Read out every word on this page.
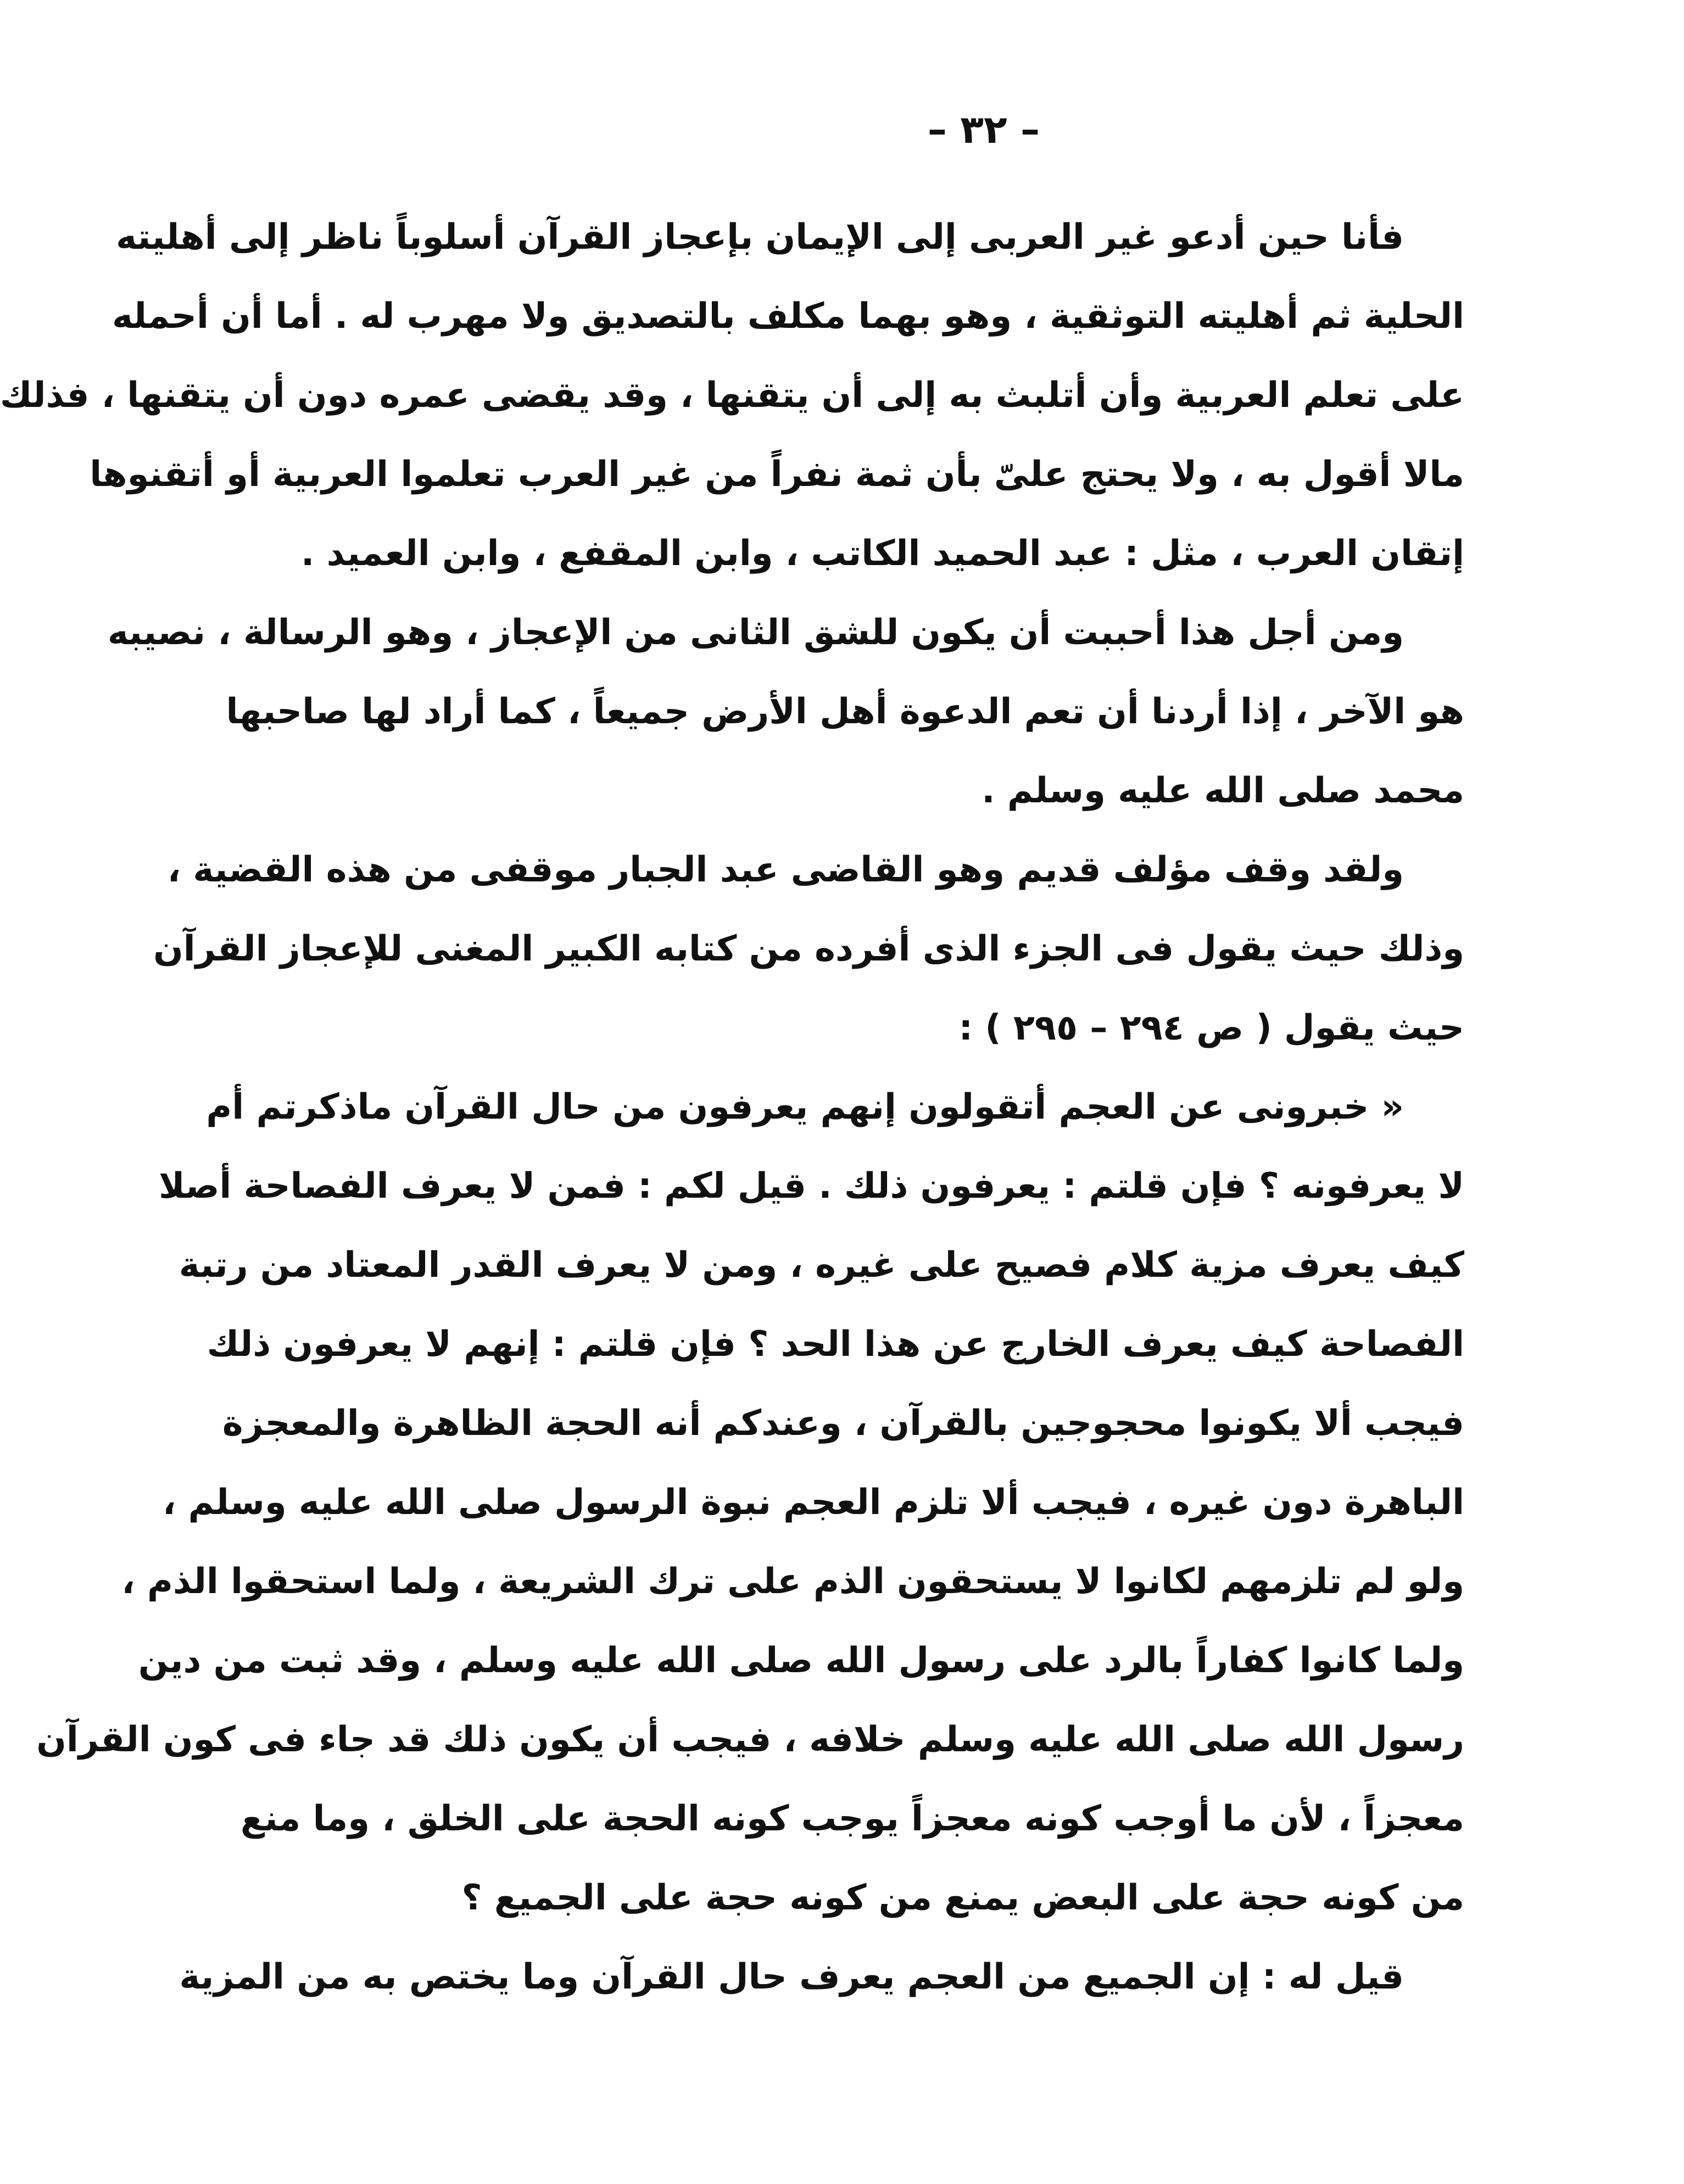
– ٣٢ –
فأنا حين أدعو غير العربى إلى الإيمان بإعجاز القرآن أسلوباً ناظر إلى أهليته
الحلية ثم أهليته التوثقية ، وهو بهما مكلف بالتصديق ولا مهرب له . أما أن أحمله
على تعلم العربية وأن أتلبث به إلى أن يتقنها ، وقد يقضى عمره دون أن يتقنها ، فذلك
مالا أقول به ، ولا يحتج علىّ بأن ثمة نفراً من غير العرب تعلموا العربية أو أتقنوها
إتقان العرب ، مثل : عبد الحميد الكاتب ، وابن المقفع ، وابن العميد .
ومن أجل هذا أحببت أن يكون للشق الثانى من الإعجاز ، وهو الرسالة ، نصيبه
هو الآخر ، إذا أردنا أن تعم الدعوة أهل الأرض جميعاً ، كما أراد لها صاحبها
محمد صلى الله عليه وسلم .
ولقد وقف مؤلف قديم وهو القاضى عبد الجبار موقفى من هذه القضية ،
وذلك حيث يقول فى الجزء الذى أفرده من كتابه الكبير المغنى للإعجاز القرآن
حيث يقول ( ص ٢٩٤ – ٢٩٥ ) :
« خبرونى عن العجم أتقولون إنهم يعرفون من حال القرآن ماذكرتم أم
لا يعرفونه ؟ فإن قلتم : يعرفون ذلك . قيل لكم : فمن لا يعرف الفصاحة أصلا
كيف يعرف مزية كلام فصيح على غيره ، ومن لا يعرف القدر المعتاد من رتبة
الفصاحة كيف يعرف الخارج عن هذا الحد ؟ فإن قلتم : إنهم لا يعرفون ذلك
فيجب ألا يكونوا محجوجين بالقرآن ، وعندكم أنه الحجة الظاهرة والمعجزة
الباهرة دون غيره ، فيجب ألا تلزم العجم نبوة الرسول صلى الله عليه وسلم ،
ولو لم تلزمهم لكانوا لا يستحقون الذم على ترك الشريعة ، ولما استحقوا الذم ،
ولما كانوا كفاراً بالرد على رسول الله صلى الله عليه وسلم ، وقد ثبت من دين
رسول الله صلى الله عليه وسلم خلافه ، فيجب أن يكون ذلك قد جاء فى كون القرآن
معجزاً ، لأن ما أوجب كونه معجزاً يوجب كونه الحجة على الخلق ، وما منع
من كونه حجة على البعض يمنع من كونه حجة على الجميع ؟
قيل له : إن الجميع من العجم يعرف حال القرآن وما يختص به من المزية
